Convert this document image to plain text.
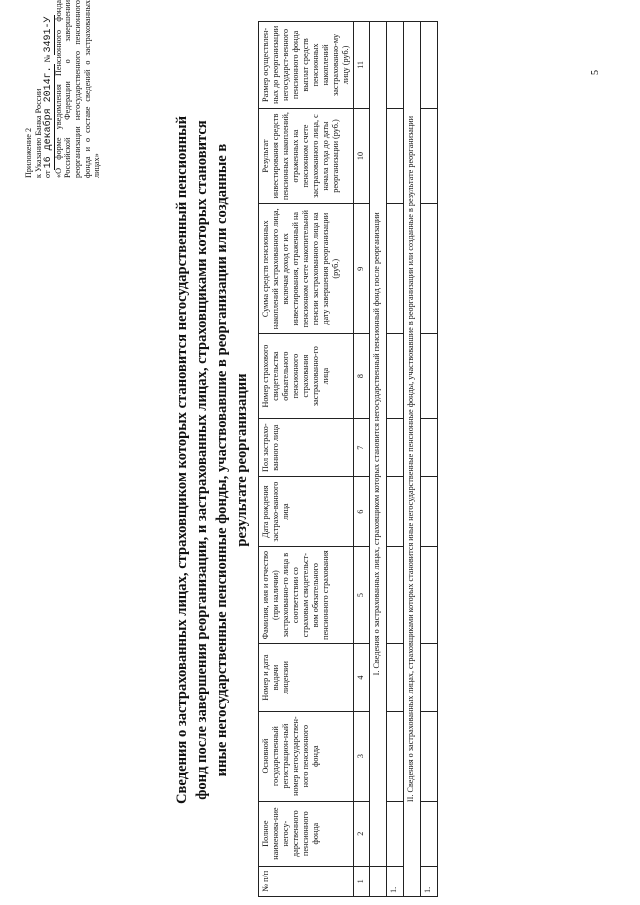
Приложение 2 к Указанию Банка России от16 декабря 2014г. №3491-У «О форме уведомления Пенсионного фонда Российской Федерации о завершении реорганизации негосударственного пенсионного фонда и о составе сведений о застрахованных лицах»	Сведения о застрахованных лицах, страховщиком которых становится негосударственный пенсионный фонд после завершения реорганизации, и застрахованных лицах, страховщиками которых становится иные негосударственные пенсионные фонды, участвовавшие в реорганизации или созданные в результате реорганизации
№ п/п	Полное наименова-ние негосу-дарственного пенсионного фонда	Основной государственный регистрацион-ный номер негосударствен-ного пенсионного фонда	Номер и дата выдачи лицензии	Фамилия, имя и отчество (при наличии) застрахованно-го лица в соответствии со страховым свидетельст-вом обязательного пенсионного страхования	Дата рождения застрахо-ванного лица	Пол застрахо-ванного лица	Номер страхового свидетельства обязательного пенсионного страхования застрахованно-го лица	Сумма средств пенсионных накоплений застрахованного лица, включая доход от их инвестирования, отраженный на пенсионном счете накопительной пенсии застрахованного лица на дату завершения реорганизации (руб.)	Результат инвестирования средств пенсионных накоплений, отраженных на пенсионном счете застрахованного лица, с начала года до даты реорганизации (руб.)	Размер осуществлен-ных до реорганизации негосударст-венного пенсионного фонда выплат средств пенсионных накоплений застрахованно-му лицу (руб.)
1	2	3	4	5	6	7	8	9	10	11
	I. Сведения о застрахованных лицах, страховщиком которых становится негосударственный пенсионный фонд после реорганизации									
1.										
II. Сведения о застрахованных лицах, страховщиками которых становится иные негосударственные пенсионные фонды, участвовавшие в реорганизации или созданные в результате реорганизации										
1.										
5
